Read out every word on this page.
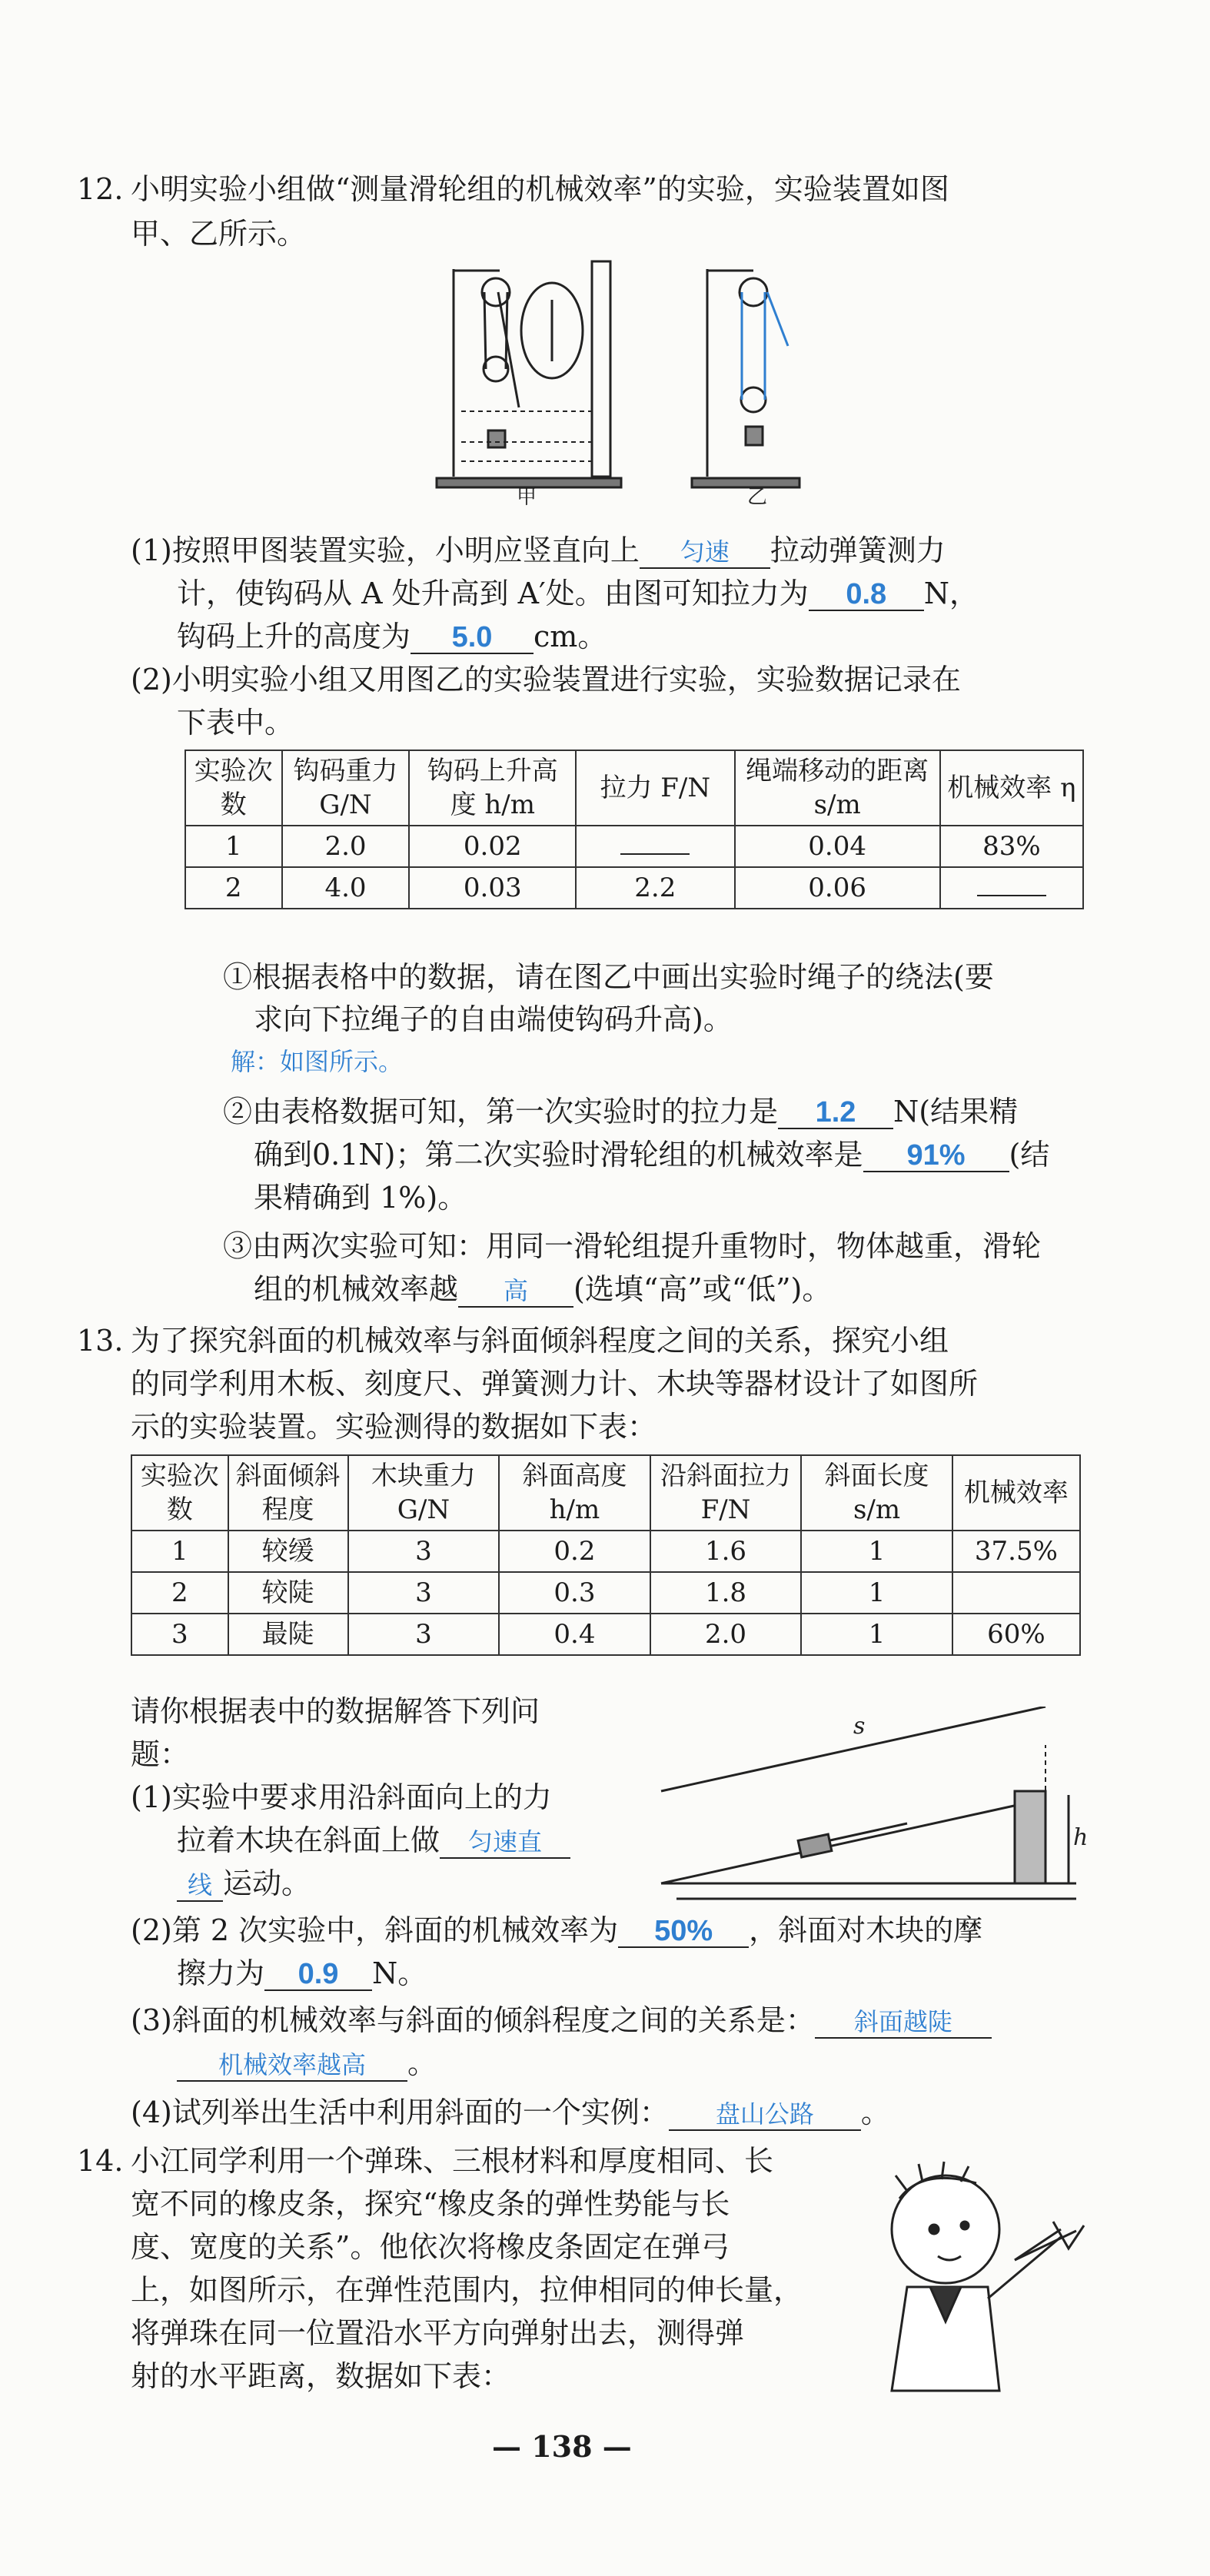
12. 小明实验小组做“测量滑轮组的机械效率”的实验，实验装置如图
甲、乙所示。
甲	乙
(1)按照甲图装置实验，小明应竖直向上 匀速 拉动弹簧测力
计，使钩码从 A 处升高到 A′处。由图可知拉力为 0.8 N，
钩码上升的高度为 5.0 cm。
(2)小明实验小组又用图乙的实验装置进行实验，实验数据记录在
下表中。
实验次数	钩码重力 G/N	钩码上升高度 h/m	拉力 F/N	绳端移动的距离 s/m	机械效率 η
1	2.0	0.02		0.04	83%
2	4.0	0.03	2.2	0.06	
①根据表格中的数据，请在图乙中画出实验时绳子的绕法(要
求向下拉绳子的自由端使钩码升高)。
解：如图所示。
②由表格数据可知，第一次实验时的拉力是 1.2 N(结果精
确到0.1N)；第二次实验时滑轮组的机械效率是 91% (结
果精确到 1%)。
③由两次实验可知：用同一滑轮组提升重物时，物体越重，滑轮
组的机械效率越 高 (选填“高”或“低”)。
13. 为了探究斜面的机械效率与斜面倾斜程度之间的关系，探究小组
的同学利用木板、刻度尺、弹簧测力计、木块等器材设计了如图所
示的实验装置。实验测得的数据如下表：
实验次数	斜面倾斜程度	木块重力 G/N	斜面高度 h/m	沿斜面拉力 F/N	斜面长度 s/m	机械效率
1	较缓	3	0.2	1.6	1	37.5%
2	较陡	3	0.3	1.8	1	
3	最陡	3	0.4	2.0	1	60%
请你根据表中的数据解答下列问
题：
s
h
(1)实验中要求用沿斜面向上的力
拉着木块在斜面上做 匀速直
线 运动。
(2)第 2 次实验中，斜面的机械效率为 50% ，斜面对木块的摩
擦力为 0.9 N。
(3)斜面的机械效率与斜面的倾斜程度之间的关系是： 斜面越陡
机械效率越高 。
(4)试列举出生活中利用斜面的一个实例： 盘山公路 。
14. 小江同学利用一个弹珠、三根材料和厚度相同、长
宽不同的橡皮条，探究“橡皮条的弹性势能与长
度、宽度的关系”。他依次将橡皮条固定在弹弓
上，如图所示，在弹性范围内，拉伸相同的伸长量，
将弹珠在同一位置沿水平方向弹射出去，测得弹
射的水平距离，数据如下表：
— 138 —
